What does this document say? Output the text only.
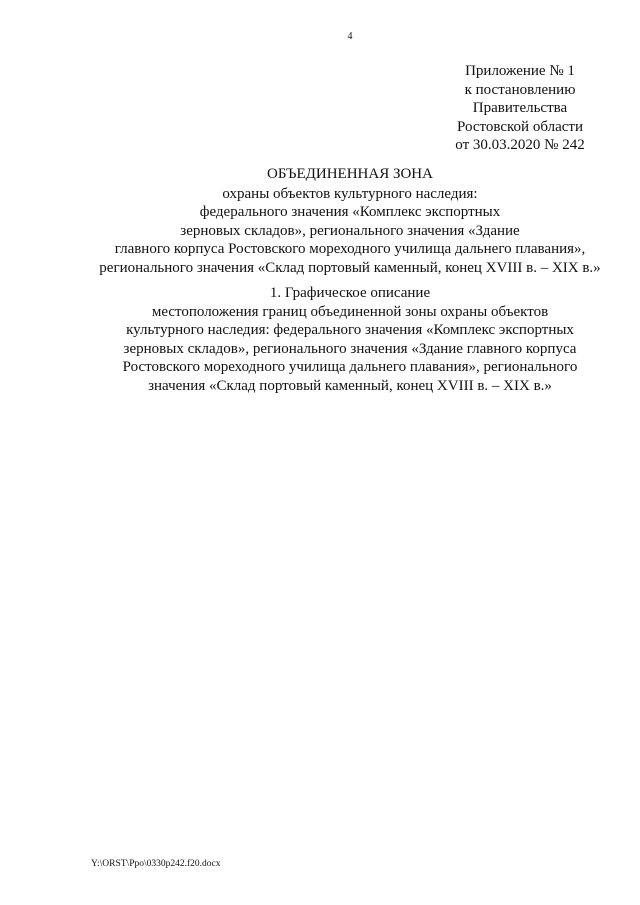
4
Приложение № 1
к постановлению
Правительства
Ростовской области
от 30.03.2020 № 242
ОБЪЕДИНЕННАЯ ЗОНА
охраны объектов культурного наследия:
федерального значения «Комплекс экспортных
зерновых складов», регионального значения «Здание
главного корпуса Ростовского мореходного училища дальнего плавания»,
регионального значения «Склад портовый каменный, конец XVIII в. – XIX в.»
1. Графическое описание
местоположения границ объединенной зоны охраны объектов
культурного наследия: федерального значения «Комплекс экспортных
зерновых складов», регионального значения «Здание главного корпуса
Ростовского мореходного училища дальнего плавания», регионального
значения «Склад портовый каменный, конец XVIII в. – XIX в.»
Y:\ORST\Ppo\0330p242.f20.docx
